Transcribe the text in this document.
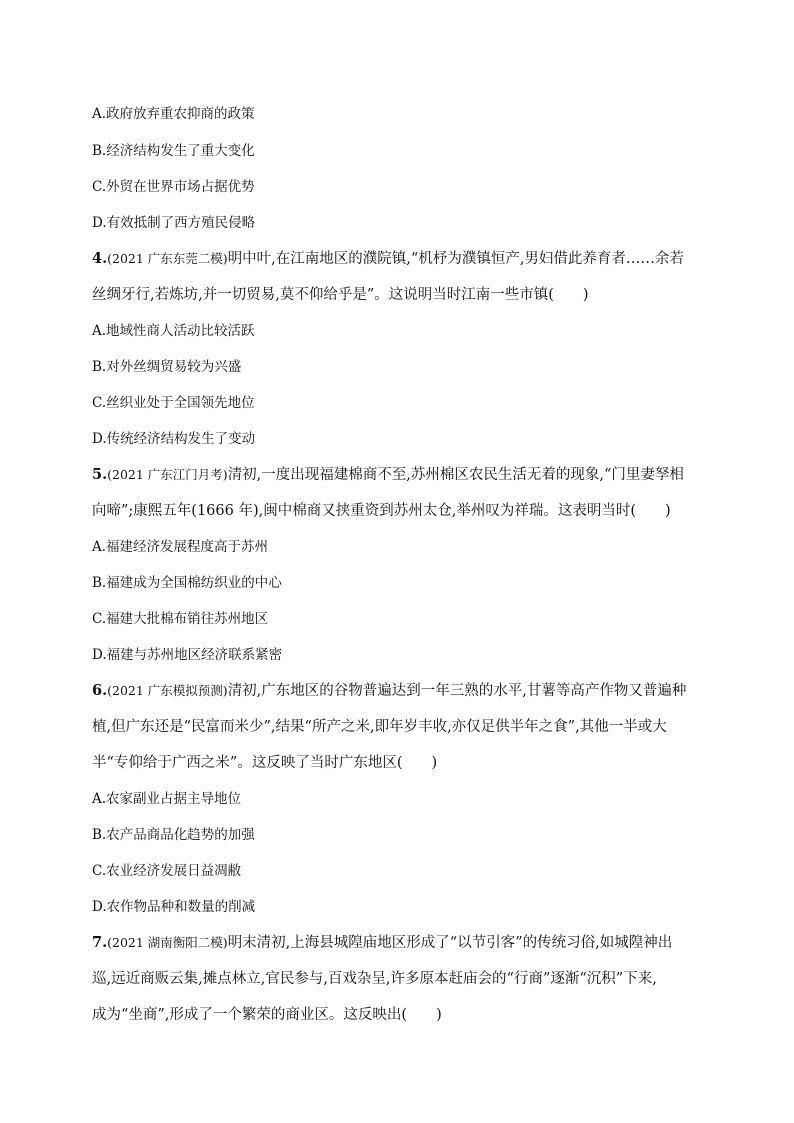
A.政府放弃重农抑商的政策
B.经济结构发生了重大变化
C.外贸在世界市场占据优势
D.有效抵制了西方殖民侵略
4.(2021 广东东莞二模)明中叶,在江南地区的濮院镇,“机杼为濮镇恒产,男妇借此养育者……余若
丝绸牙行,若炼坊,并一切贸易,莫不仰给乎是”。这说明当时江南一些市镇(　　)
A.地域性商人活动比较活跃
B.对外丝绸贸易较为兴盛
C.丝织业处于全国领先地位
D.传统经济结构发生了变动
5.(2021 广东江门月考)清初,一度出现福建棉商不至,苏州棉区农民生活无着的现象,“门里妻孥相
向啼”;康熙五年(1666 年),闽中棉商又挟重资到苏州太仓,举州叹为祥瑞。这表明当时(　　)
A.福建经济发展程度高于苏州
B.福建成为全国棉纺织业的中心
C.福建大批棉布销往苏州地区
D.福建与苏州地区经济联系紧密
6.(2021 广东模拟预测)清初,广东地区的谷物普遍达到一年三熟的水平,甘薯等高产作物又普遍种
植,但广东还是“民富而米少”,结果“所产之米,即年岁丰收,亦仅足供半年之食”,其他一半或大
半“专仰给于广西之米”。这反映了当时广东地区(　　)
A.农家副业占据主导地位
B.农产品商品化趋势的加强
C.农业经济发展日益凋敝
D.农作物品种和数量的削减
7.(2021 湖南衡阳二模)明末清初,上海县城隍庙地区形成了“以节引客”的传统习俗,如城隍神出
巡,远近商贩云集,摊点林立,官民参与,百戏杂呈,许多原本赶庙会的“行商”逐渐“沉积”下来,
成为“坐商”,形成了一个繁荣的商业区。这反映出(　　)
